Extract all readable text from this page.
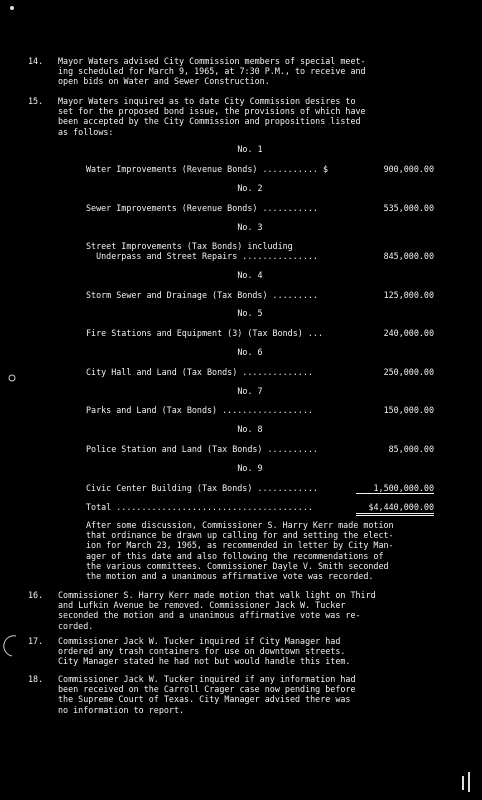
14. Mayor Waters advised City Commission members of special meet-
ing scheduled for March 9, 1965, at 7:30 P.M., to receive and
open bids on Water and Sewer Construction.
15. Mayor Waters inquired as to date City Commission desires to
set for the proposed bond issue, the provisions of which have
been accepted by the City Commission and propositions listed
as follows:
No. 1
Water Improvements (Revenue Bonds) ........... $	900,000.00
No. 2
Sewer Improvements (Revenue Bonds) ...........	535,000.00
No. 3
Street Improvements (Tax Bonds) including
Underpass and Street Repairs ...............	845,000.00
No. 4
Storm Sewer and Drainage (Tax Bonds) .........	125,000.00
No. 5
Fire Stations and Equipment (3) (Tax Bonds) ...	240,000.00
No. 6
City Hall and Land (Tax Bonds) ..............	250,000.00
No. 7
Parks and Land (Tax Bonds) ..................	150,000.00
No. 8
Police Station and Land (Tax Bonds) ..........	85,000.00
No. 9
Civic Center Building (Tax Bonds) ............	1,500,000.00
Total .......................................	$4,440,000.00
After some discussion, Commissioner S. Harry Kerr made motion
that ordinance be drawn up calling for and setting the elect-
ion for March 23, 1965, as recommended in letter by City Man-
ager of this date and also following the recommendations of
the various committees. Commissioner Dayle V. Smith seconded
the motion and a unanimous affirmative vote was recorded.
16. Commissioner S. Harry Kerr made motion that walk light on Third
and Lufkin Avenue be removed. Commissioner Jack W. Tucker
seconded the motion and a unanimous affirmative vote was re-
corded.
17. Commissioner Jack W. Tucker inquired if City Manager had
ordered any trash containers for use on downtown streets.
City Manager stated he had not but would handle this item.
18. Commissioner Jack W. Tucker inquired if any information had
been received on the Carroll Crager case now pending before
the Supreme Court of Texas. City Manager advised there was
no information to report.
